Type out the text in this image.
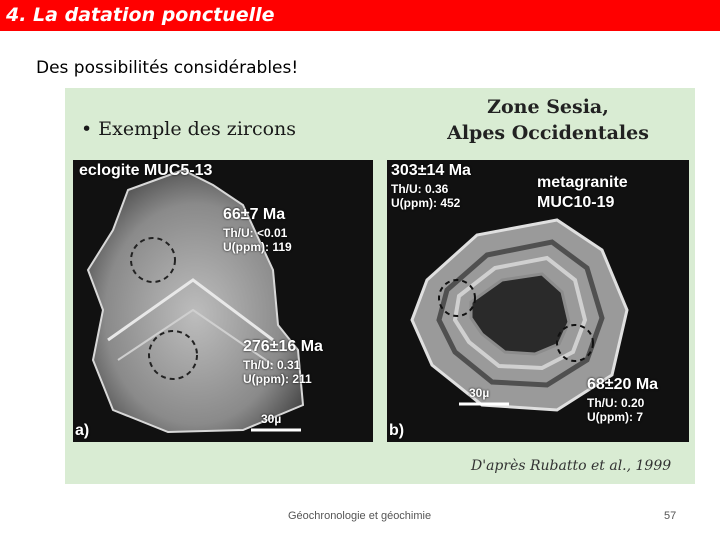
4. La datation ponctuelle
Des possibilités considérables!
• Exemple des zircons
Zone Sesia,
Alpes Occidentales
eclogite MUC5-13
66±7 Ma
Th/U: <0.01
U(ppm): 119
276±16 Ma
Th/U: 0.31
U(ppm): 211
30µ
a)
303±14 Ma
Th/U: 0.36
U(ppm): 452
metagranite
MUC10-19
68±20 Ma
Th/U: 0.20
U(ppm): 7
30µ
b)
D'après Rubatto et al., 1999
Géochronologie et géochimie	57
